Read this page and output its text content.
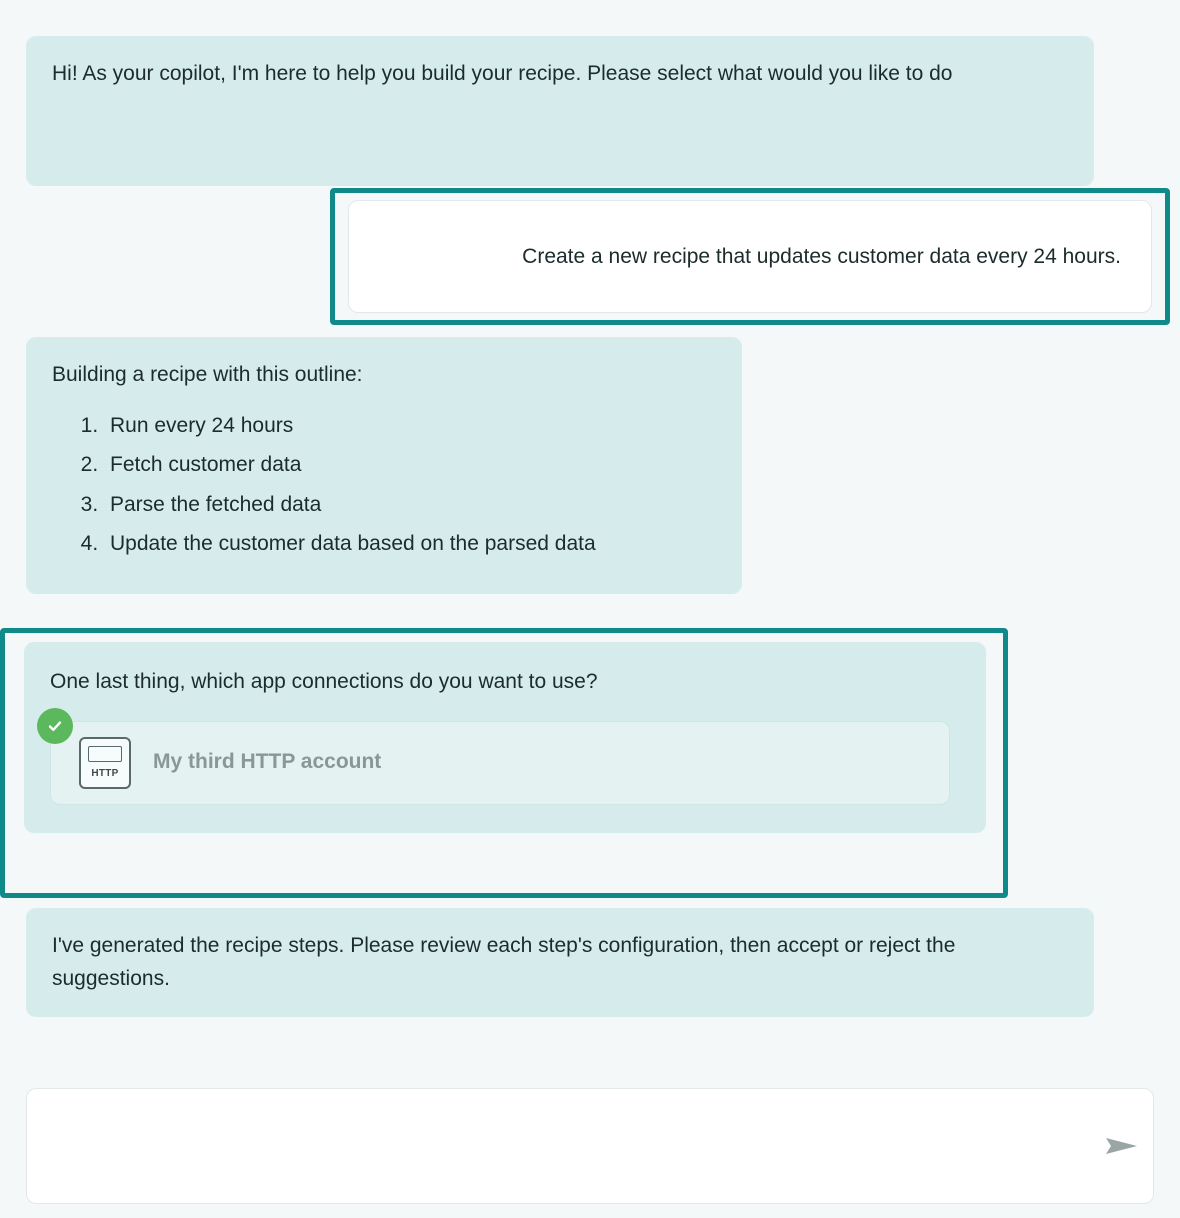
Hi! As your copilot, I'm here to help you build your recipe. Please select what would you like to do
Create a new recipe that updates customer data every 24 hours.
Building a recipe with this outline:
1. Run every 24 hours
2. Fetch customer data
3. Parse the fetched data
4. Update the customer data based on the parsed data
One last thing, which app connections do you want to use?
HTTP
My third HTTP account
I've generated the recipe steps. Please review each step's configuration, then accept or reject the suggestions.
